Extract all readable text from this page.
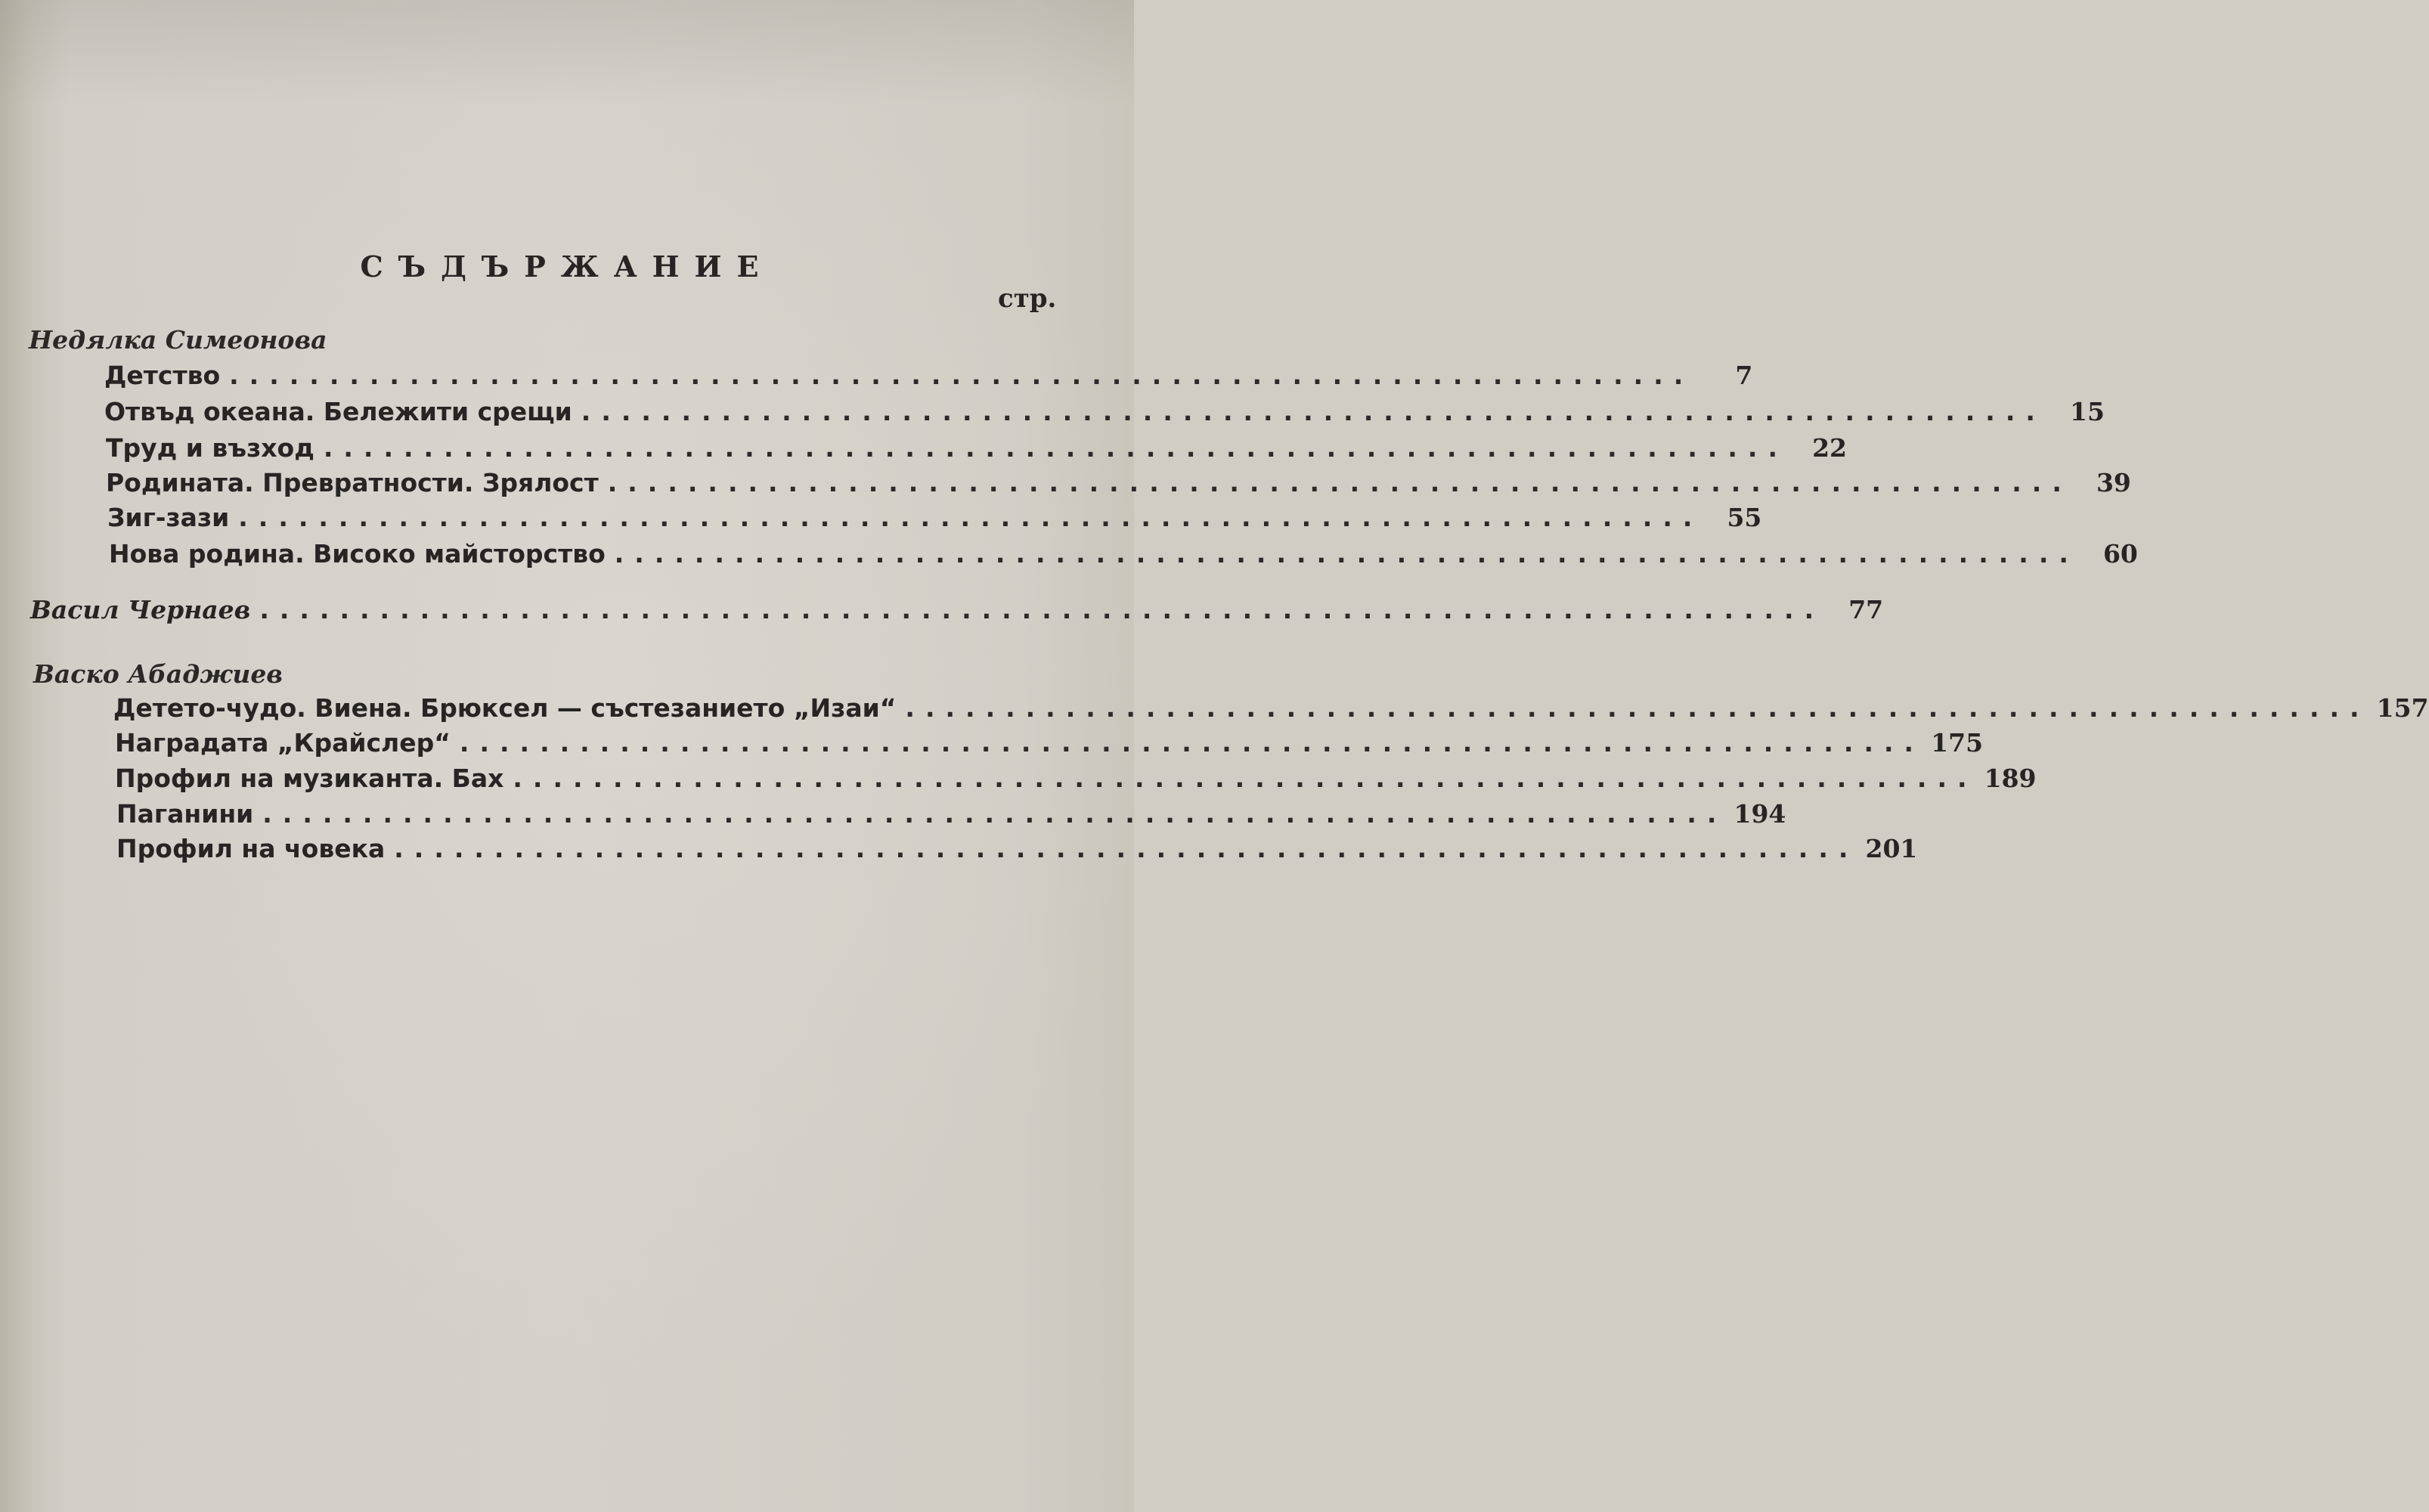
СЪДЪРЖАНИЕ
стр.
Недялка Симеонова
Детство .........................................................................	7
Отвъд океана. Бележити срещи ......................................................................... 15
Труд и възход ......................................................................... 22
Родината. Превратности. Зрялост ......................................................................... 39
Зиг-зази ......................................................................... 55
Нова родина. Високо майсторство ......................................................................... 60
Васил Чернаев .............................................................................. 77
Васко Абаджиев
Детето-чудо. Виена. Брюксел — състезанието „Изаи“ ......................................................................... 157
Наградата „Крайслер“ ......................................................................... 175
Профил на музиканта. Бах ......................................................................... 189
Паганини ......................................................................... 194
Профил на човека ......................................................................... 201
